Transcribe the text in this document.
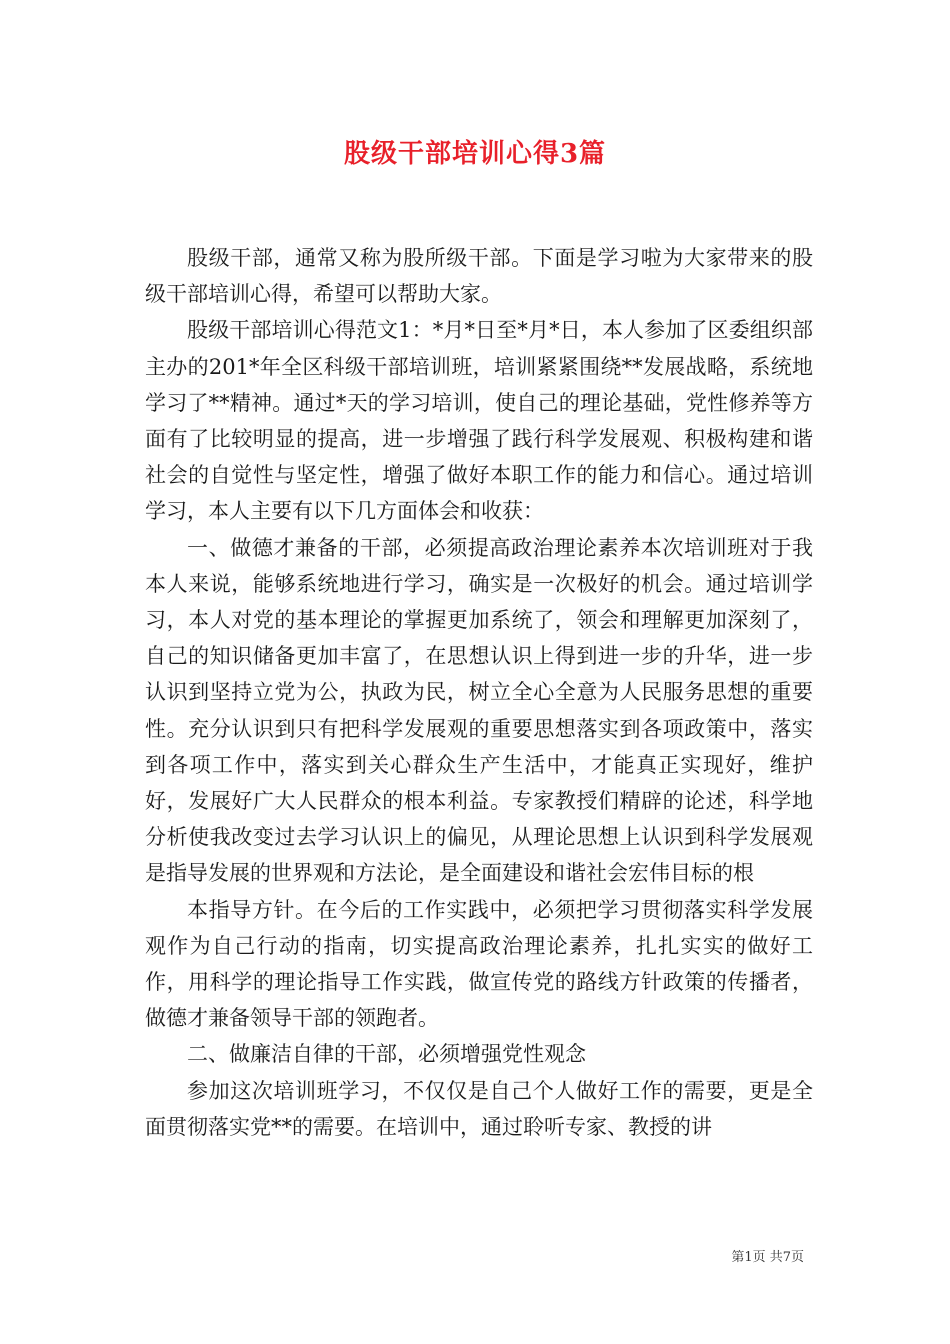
股级干部培训心得3篇

股级干部，通常又称为股所级干部。下面是学习啦为大家带来的股级干部培训心得，希望可以帮助大家。

股级干部培训心得范文1：*月*日至*月*日，本人参加了区委组织部主办的201*年全区科级干部培训班，培训紧紧围绕**发展战略，系统地学习了**精神。通过*天的学习培训，使自己的理论基础，党性修养等方面有了比较明显的提高，进一步增强了践行科学发展观、积极构建和谐社会的自觉性与坚定性，增强了做好本职工作的能力和信心。通过培训学习，本人主要有以下几方面体会和收获：

一、做德才兼备的干部，必须提高政治理论素养本次培训班对于我本人来说，能够系统地进行学习，确实是一次极好的机会。通过培训学习，本人对党的基本理论的掌握更加系统了，领会和理解更加深刻了，自己的知识储备更加丰富了，在思想认识上得到进一步的升华，进一步认识到坚持立党为公，执政为民，树立全心全意为人民服务思想的重要性。充分认识到只有把科学发展观的重要思想落实到各项政策中，落实到各项工作中，落实到关心群众生产生活中，才能真正实现好，维护好，发展好广大人民群众的根本利益。专家教授们精辟的论述，科学地分析使我改变过去学习认识上的偏见，从理论思想上认识到科学发展观是指导发展的世界观和方法论，是全面建设和谐社会宏伟目标的根

本指导方针。在今后的工作实践中，必须把学习贯彻落实科学发展观作为自己行动的指南，切实提高政治理论素养，扎扎实实的做好工作，用科学的理论指导工作实践，做宣传党的路线方针政策的传播者，做德才兼备领导干部的领跑者。

二、做廉洁自律的干部，必须增强党性观念

参加这次培训班学习，不仅仅是自己个人做好工作的需要，更是全面贯彻落实党**的需要。在培训中，通过聆听专家、教授的讲

第1页 共7页
